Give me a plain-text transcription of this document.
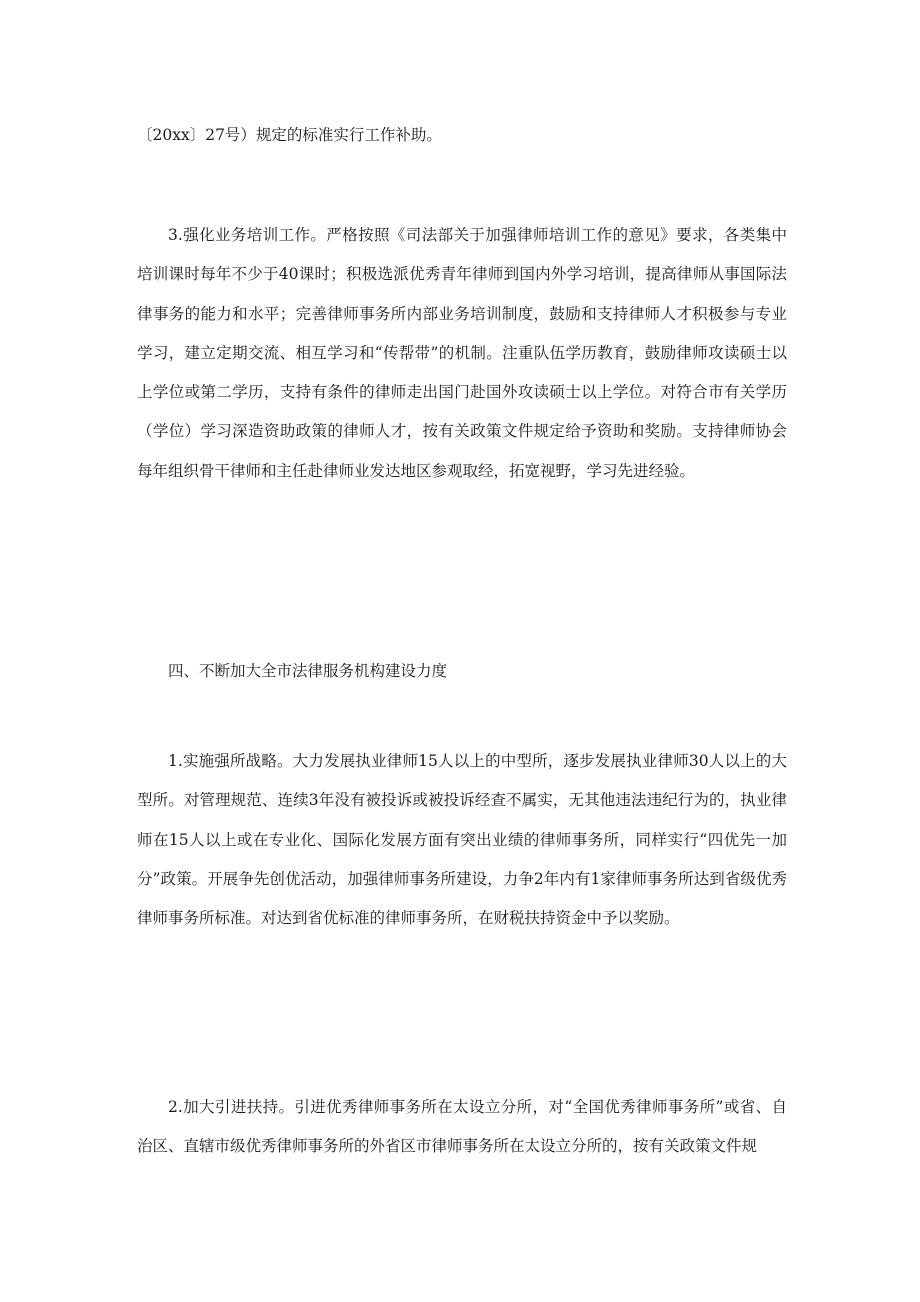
〔20xx〕27号）规定的标准实行工作补助。

3.强化业务培训工作。严格按照《司法部关于加强律师培训工作的意见》要求，各类集中培训课时每年不少于40课时；积极选派优秀青年律师到国内外学习培训，提高律师从事国际法律事务的能力和水平；完善律师事务所内部业务培训制度，鼓励和支持律师人才积极参与专业学习，建立定期交流、相互学习和“传帮带”的机制。注重队伍学历教育，鼓励律师攻读硕士以上学位或第二学历，支持有条件的律师走出国门赴国外攻读硕士以上学位。对符合市有关学历（学位）学习深造资助政策的律师人才，按有关政策文件规定给予资助和奖励。支持律师协会每年组织骨干律师和主任赴律师业发达地区参观取经，拓宽视野，学习先进经验。

四、不断加大全市法律服务机构建设力度

1.实施强所战略。大力发展执业律师15人以上的中型所，逐步发展执业律师30人以上的大型所。对管理规范、连续3年没有被投诉或被投诉经查不属实，无其他违法违纪行为的，执业律师在15人以上或在专业化、国际化发展方面有突出业绩的律师事务所，同样实行“四优先一加分”政策。开展争先创优活动，加强律师事务所建设，力争2年内有1家律师事务所达到省级优秀律师事务所标准。对达到省优标准的律师事务所，在财税扶持资金中予以奖励。

2.加大引进扶持。引进优秀律师事务所在太设立分所，对“全国优秀律师事务所”或省、自治区、直辖市级优秀律师事务所的外省区市律师事务所在太设立分所的，按有关政策文件规
